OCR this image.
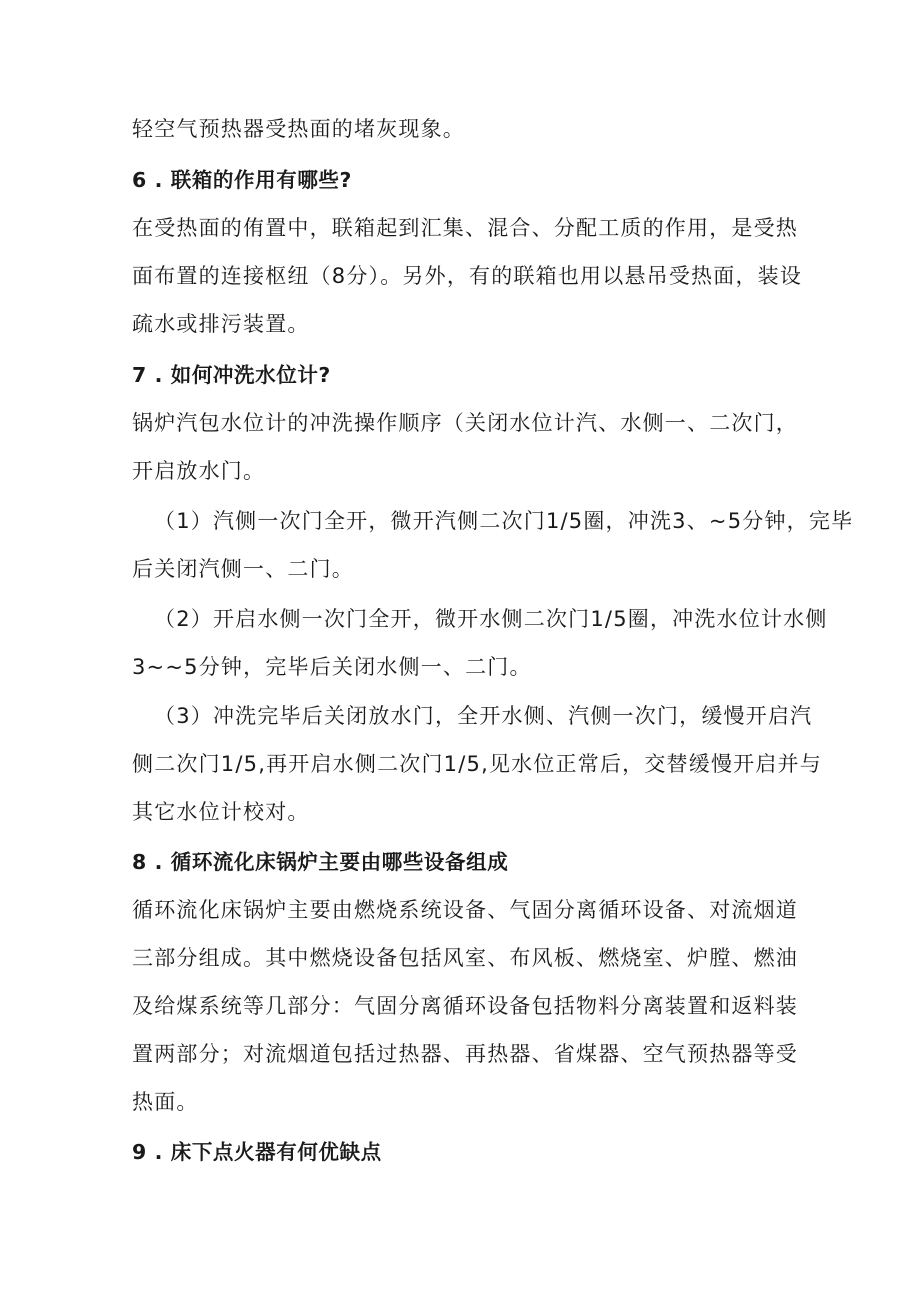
轻空气预热器受热面的堵灰现象。
6 . 联箱的作用有哪些?
在受热面的侑置中，联箱起到汇集、混合、分配工质的作用，是受热
面布置的连接枢纽（8分）。另外，有的联箱也用以悬吊受热面，装设
疏水或排污装置。
7 . 如何冲洗水位计?
锅炉汽包水位计的冲洗操作顺序（关闭水位计汽、水侧一、二次门，
开启放水门。
（1）汽侧一次门全开，微开汽侧二次门1/5圈，冲洗3、~5分钟，完毕
后关闭汽侧一、二门。
（2）开启水侧一次门全开，微开水侧二次门1/5圈，冲洗水位计水侧
3~~5分钟，完毕后关闭水侧一、二门。
（3）冲洗完毕后关闭放水门，全开水侧、汽侧一次门，缓慢开启汽
侧二次门1/5,再开启水侧二次门1/5,见水位正常后，交替缓慢开启并与
其它水位计校对。
8 . 循环流化床锅炉主要由哪些设备组成
循环流化床锅炉主要由燃烧系统设备、气固分离循环设备、对流烟道
三部分组成。其中燃烧设备包括风室、布风板、燃烧室、炉膛、燃油
及给煤系统等几部分：气固分离循环设备包括物料分离装置和返料装
置两部分；对流烟道包括过热器、再热器、省煤器、空气预热器等受
热面。
9 . 床下点火器有何优缺点
